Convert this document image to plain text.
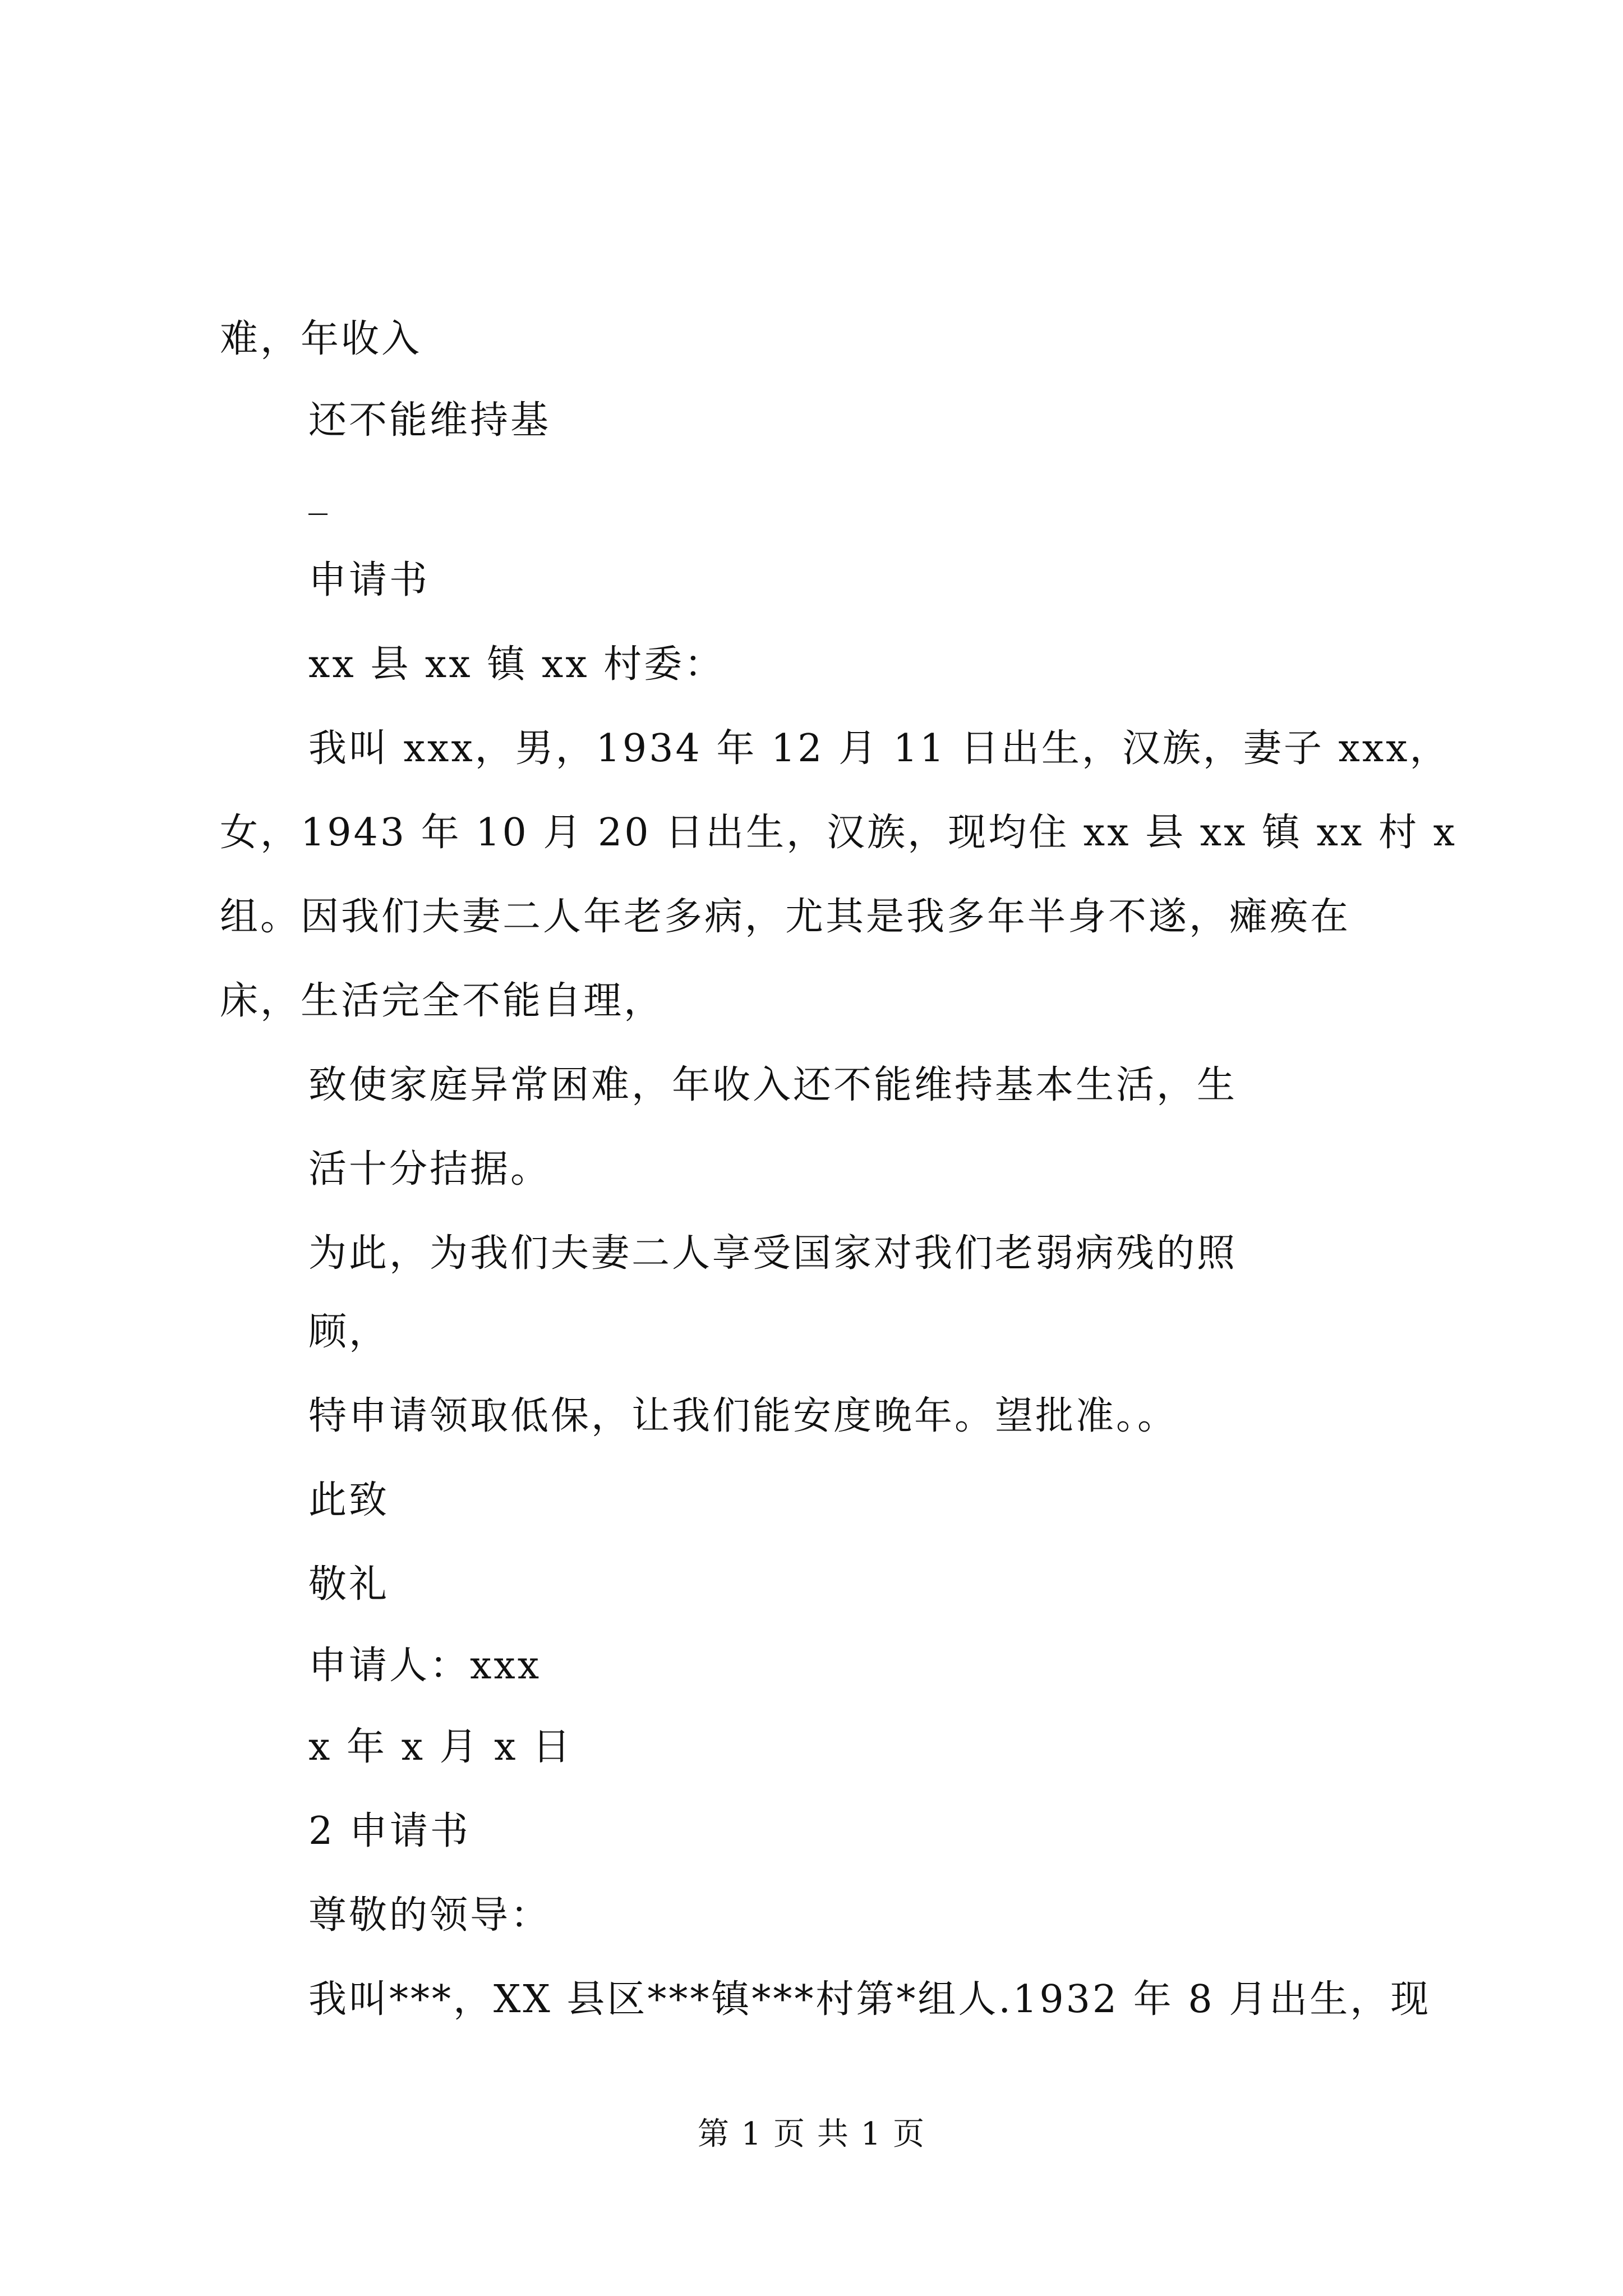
难，年收入
还不能维持基
_
申请书
xx 县 xx 镇 xx 村委：
我叫 xxx，男，1934 年 12 月 11 日出生，汉族，妻子 xxx，
女，1943 年 10 月 20 日出生，汉族，现均住 xx 县 xx 镇 xx 村 x
组。因我们夫妻二人年老多病，尤其是我多年半身不遂，瘫痪在
床，生活完全不能自理，
致使家庭异常困难，年收入还不能维持基本生活，生
活十分拮据。
为此，为我们夫妻二人享受国家对我们老弱病残的照
顾，
特申请领取低保，让我们能安度晚年。望批准。。
此致
敬礼
申请人：xxx
x 年 x 月 x 日
2 申请书
尊敬的领导：
我叫***，XX 县区***镇***村第*组人.1932 年 8 月出生，现
第 1 页 共 1 页
